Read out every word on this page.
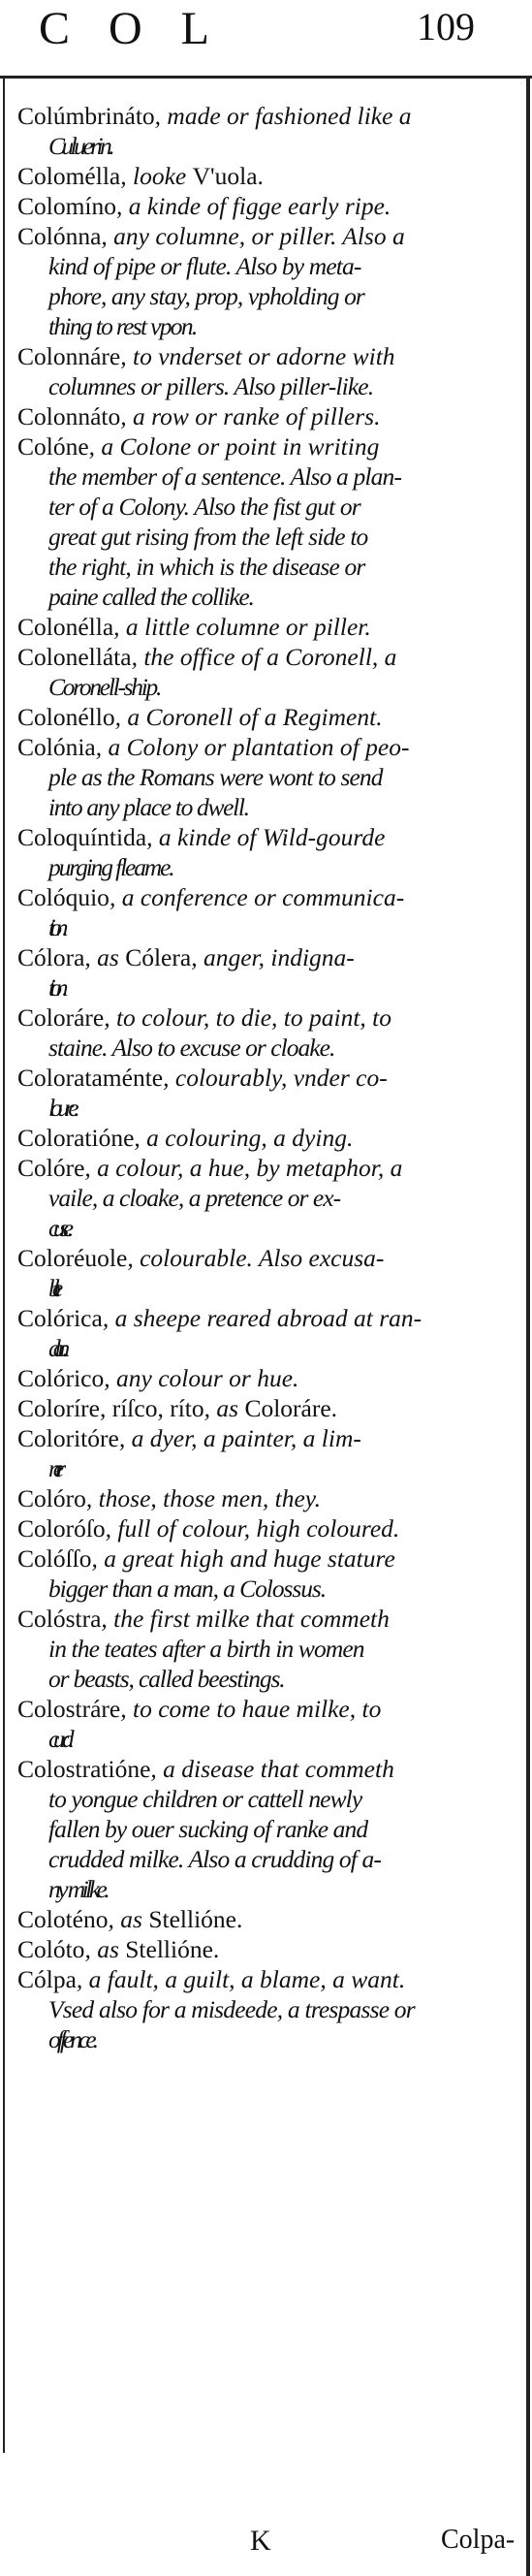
COL	109
Colúmbrináto, made or fashioned like a
Culuerin.
Colomélla, looke V'uola.
Colomíno, a kinde of figge early ripe.
Colónna, any columne, or piller. Also a
kind of pipe or flute. Also by meta-
phore, any stay, prop, vpholding or
thing to rest vpon.
Colonnáre, to vnderset or adorne with
columnes or pillers. Also piller-like.
Colonnáto, a row or ranke of pillers.
Colóne, a Colone or point in writing
the member of a sentence. Also a plan-
ter of a Colony. Also the fist gut or
great gut rising from the left side to
the right, in which is the disease or
paine called the collike.
Colonélla, a little columne or piller.
Colonelláta, the office of a Coronell, a
Coronell-ship.
Colonéllo, a Coronell of a Regiment.
Colónia, a Colony or plantation of peo-
ple as the Romans were wont to send
into any place to dwell.
Coloquíntida, a kinde of Wild-gourde
purging fleame.
Colóquio, a conference or communica-
tion.
Cólora, as Cólera, anger, indigna-
tion.
Coloráre, to colour, to die, to paint, to
staine. Also to excuse or cloake.
Colorataménte, colourably, vnder co-
loure.
Coloratióne, a colouring, a dying.
Colóre, a colour, a hue, by metaphor, a
vaile, a cloake, a pretence or ex-
cuse.
Coloréuole, colourable. Also excusa-
ble.
Colórica, a sheepe reared abroad at ran-
dan.
Colórico, any colour or hue.
Coloríre, ríſco, ríto, as Coloráre.
Coloritóre, a dyer, a painter, a lim-
ner.
Colóro, those, those men, they.
Coloróſo, full of colour, high coloured.
Colóſſo, a great high and huge stature
bigger than a man, a Colossus.
Colóstra, the first milke that commeth
in the teates after a birth in women
or beasts, called beestings.
Colostráre, to come to haue milke, to
curd.
Colostratióne, a disease that commeth
to yongue children or cattell newly
fallen by ouer sucking of ranke and
crudded milke. Also a crudding of a-
ny milke.
Coloténo, as Stellióne.
Colóto, as Stellióne.
Cólpa, a fault, a guilt, a blame, a want.
Vsed also for a misdeede, a trespasse or
offence.
K	Colpa-
